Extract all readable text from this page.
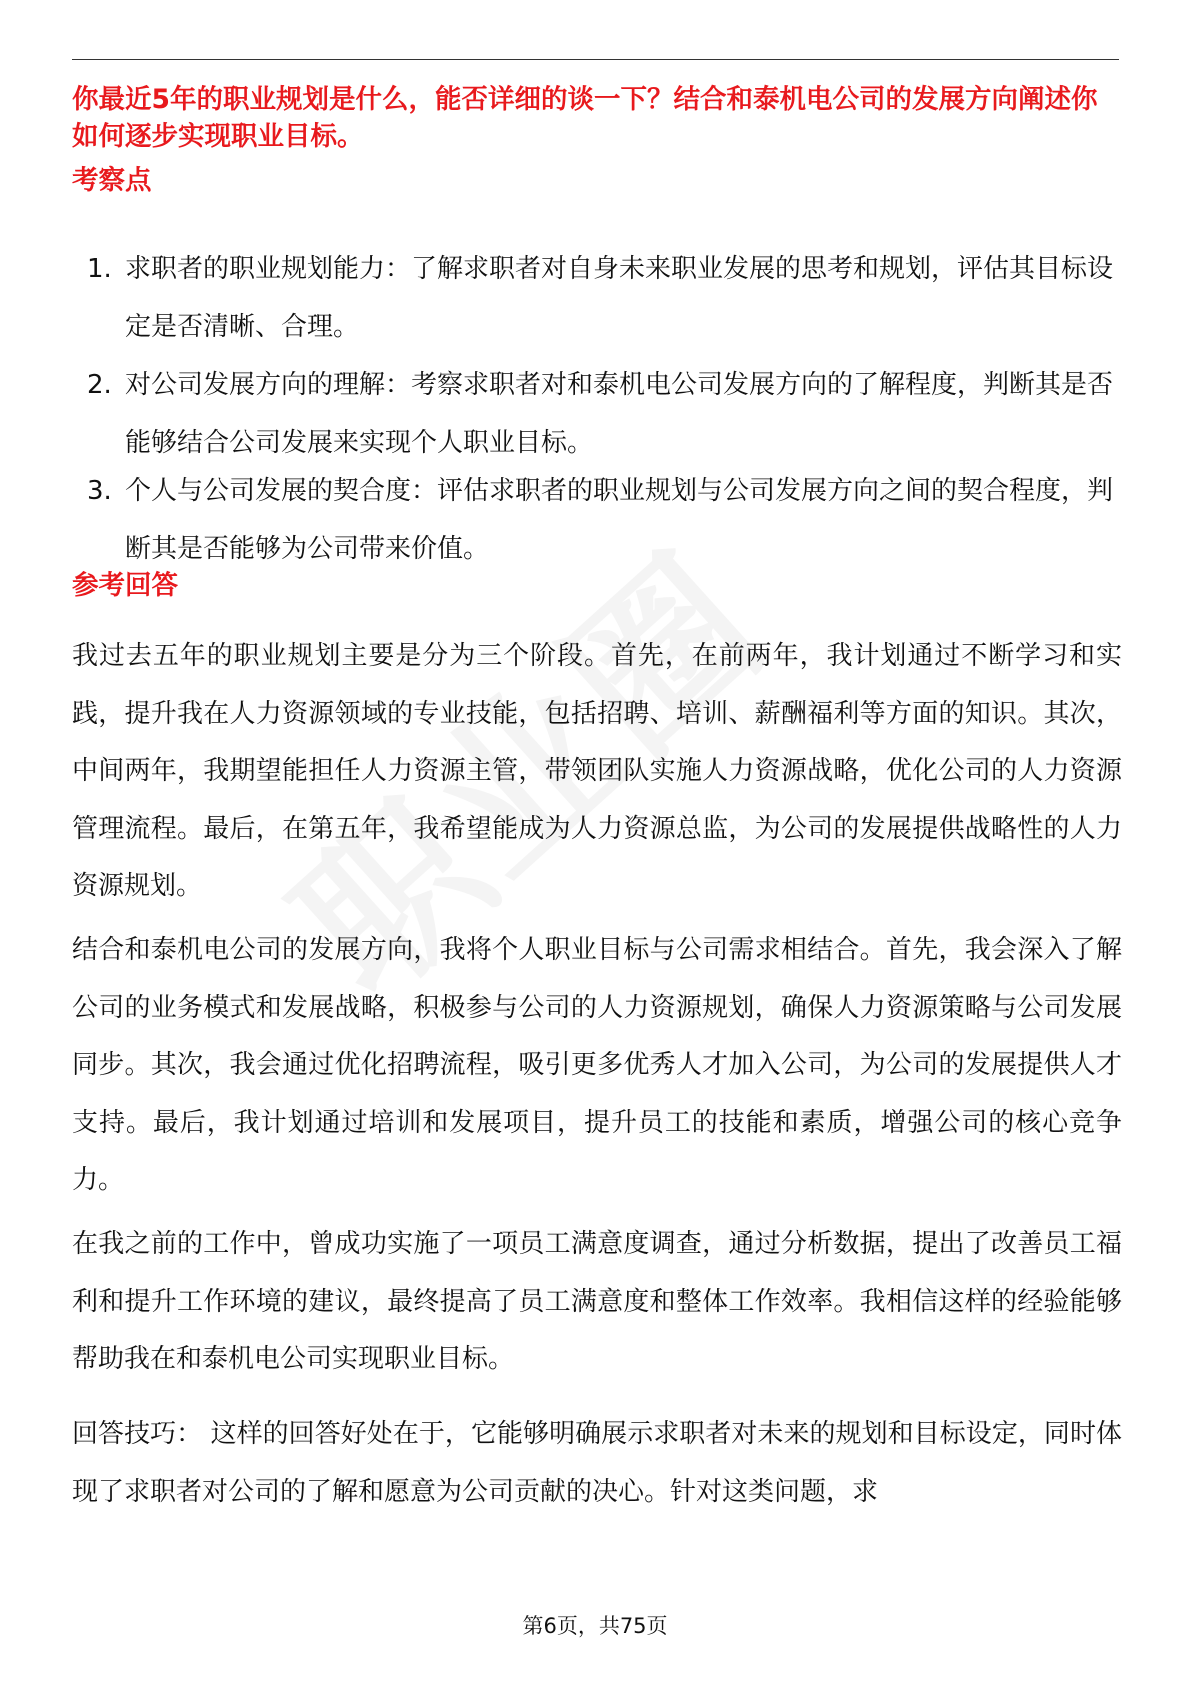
你最近5年的职业规划是什么，能否详细的谈一下？结合和泰机电公司的发展方向阐述你如何逐步实现职业目标。

考察点

1. 求职者的职业规划能力：了解求职者对自身未来职业发展的思考和规划，评估其目标设定是否清晰、合理。
2. 对公司发展方向的理解：考察求职者对和泰机电公司发展方向的了解程度，判断其是否能够结合公司发展来实现个人职业目标。
3. 个人与公司发展的契合度：评估求职者的职业规划与公司发展方向之间的契合程度，判断其是否能够为公司带来价值。

参考回答

我过去五年的职业规划主要是分为三个阶段。首先，在前两年，我计划通过不断学习和实践，提升我在人力资源领域的专业技能，包括招聘、培训、薪酬福利等方面的知识。其次，中间两年，我期望能担任人力资源主管，带领团队实施人力资源战略，优化公司的人力资源管理流程。最后，在第五年，我希望能成为人力资源总监，为公司的发展提供战略性的人力资源规划。

结合和泰机电公司的发展方向，我将个人职业目标与公司需求相结合。首先，我会深入了解公司的业务模式和发展战略，积极参与公司的人力资源规划，确保人力资源策略与公司发展同步。其次，我会通过优化招聘流程，吸引更多优秀人才加入公司，为公司的发展提供人才支持。最后，我计划通过培训和发展项目，提升员工的技能和素质，增强公司的核心竞争力。

在我之前的工作中，曾成功实施了一项员工满意度调查，通过分析数据，提出了改善员工福利和提升工作环境的建议，最终提高了员工满意度和整体工作效率。我相信这样的经验能够帮助我在和泰机电公司实现职业目标。

回答技巧： 这样的回答好处在于，它能够明确展示求职者对未来的规划和目标设定，同时体现了求职者对公司的了解和愿意为公司贡献的决心。针对这类问题，求

第6页，共75页
